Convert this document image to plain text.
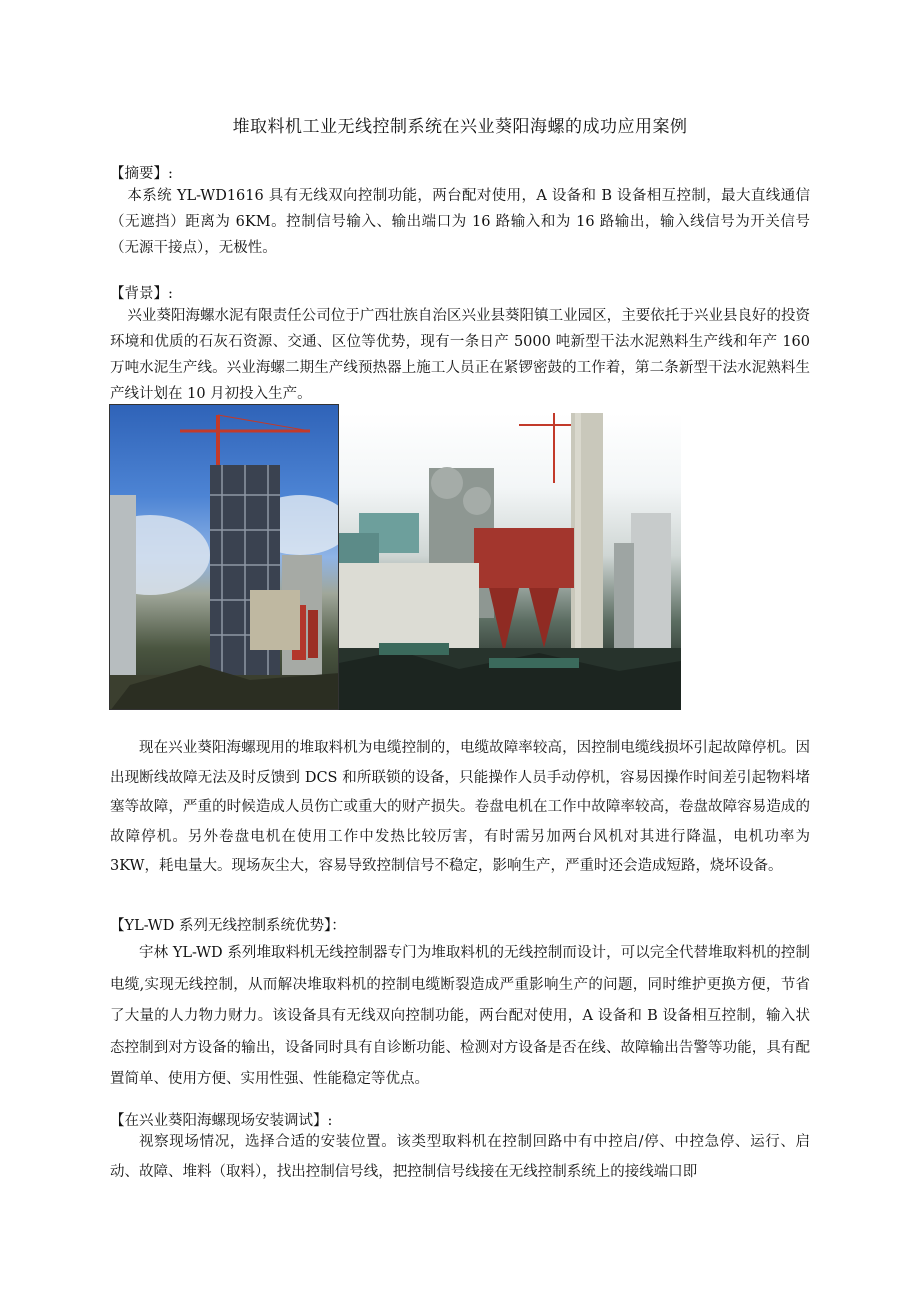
堆取料机工业无线控制系统在兴业葵阳海螺的成功应用案例
【摘要】:

本系统 YL-WD1616 具有无线双向控制功能，两台配对使用，A 设备和 B 设备相互控制，最大直线通信（无遮挡）距离为 6KM。控制信号输入、输出端口为 16 路输入和为 16 路输出，输入线信号为开关信号（无源干接点），无极性。

【背景】:

兴业葵阳海螺水泥有限责任公司位于广西壮族自治区兴业县葵阳镇工业园区，主要依托于兴业县良好的投资环境和优质的石灰石资源、交通、区位等优势，现有一条日产 5000 吨新型干法水泥熟料生产线和年产 160 万吨水泥生产线。兴业海螺二期生产线预热器上施工人员正在紧锣密鼓的工作着，第二条新型干法水泥熟料生产线计划在 10 月初投入生产。

现在兴业葵阳海螺现用的堆取料机为电缆控制的，电缆故障率较高，因控制电缆线损坏引起故障停机。因出现断线故障无法及时反馈到 DCS 和所联锁的设备，只能操作人员手动停机，容易因操作时间差引起物料堵塞等故障，严重的时候造成人员伤亡或重大的财产损失。卷盘电机在工作中故障率较高，卷盘故障容易造成的故障停机。另外卷盘电机在使用工作中发热比较厉害，有时需另加两台风机对其进行降温，电机功率为 3KW，耗电量大。现场灰尘大，容易导致控制信号不稳定，影响生产，严重时还会造成短路，烧坏设备。

【YL-WD 系列无线控制系统优势】：

宇林 YL-WD 系列堆取料机无线控制器专门为堆取料机的无线控制而设计，可以完全代替堆取料机的控制电缆,实现无线控制，从而解决堆取料机的控制电缆断裂造成严重影响生产的问题，同时维护更换方便，节省了大量的人力物力财力。该设备具有无线双向控制功能，两台配对使用，A 设备和 B 设备相互控制，输入状态控制到对方设备的输出，设备同时具有自诊断功能、检测对方设备是否在线、故障输出告警等功能，具有配置简单、使用方便、实用性强、性能稳定等优点。

【在兴业葵阳海螺现场安装调试】:

视察现场情况，选择合适的安装位置。该类型取料机在控制回路中有中控启/停、中控急停、运行、启动、故障、堆料（取料），找出控制信号线，把控制信号线接在无线控制系统上的接线端口即
